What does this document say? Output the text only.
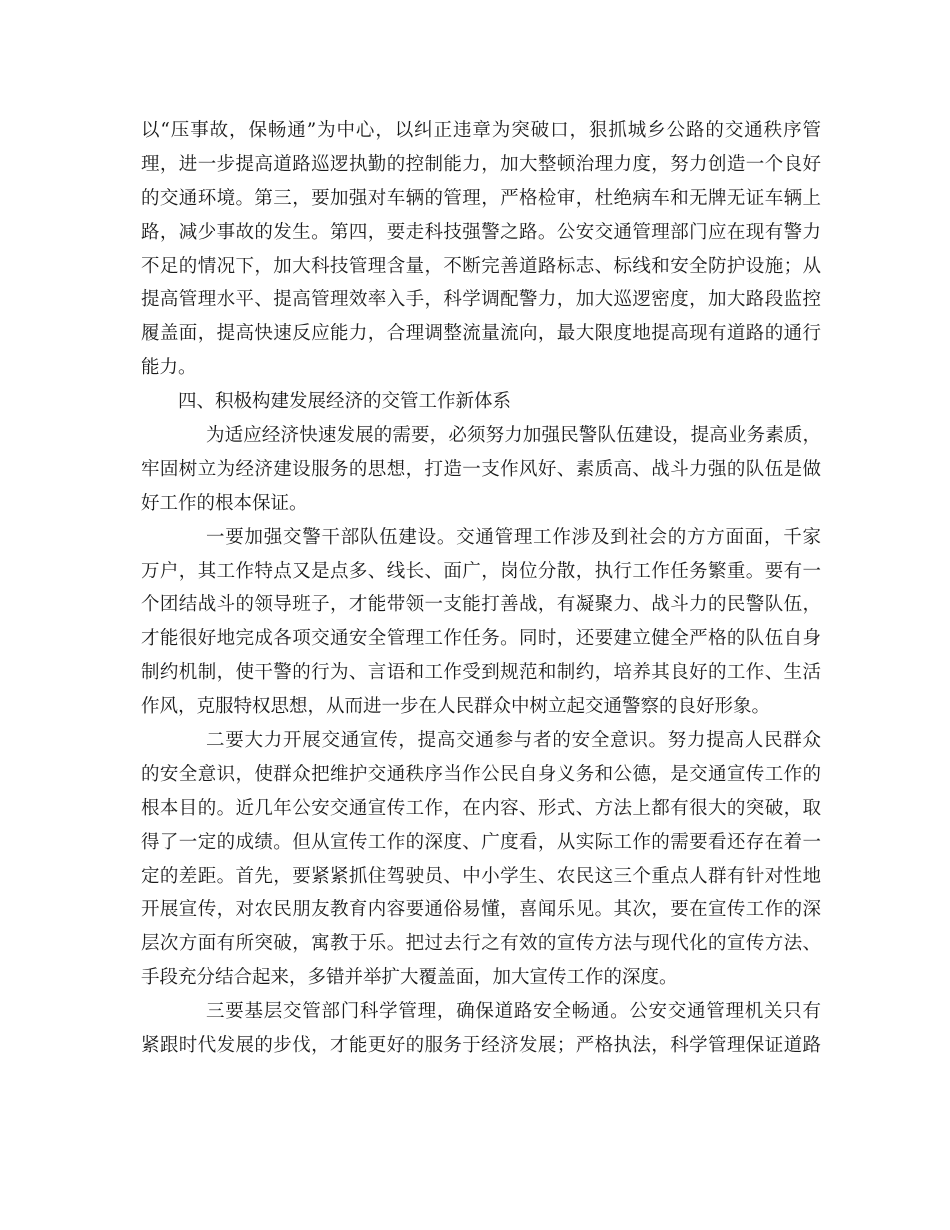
以“压事故，保畅通”为中心，以纠正违章为突破口，狠抓城乡公路的交通秩序管
理，进一步提高道路巡逻执勤的控制能力，加大整顿治理力度，努力创造一个良好
的交通环境。第三，要加强对车辆的管理，严格检审，杜绝病车和无牌无证车辆上
路，减少事故的发生。第四，要走科技强警之路。公安交通管理部门应在现有警力
不足的情况下，加大科技管理含量，不断完善道路标志、标线和安全防护设施；从
提高管理水平、提高管理效率入手，科学调配警力，加大巡逻密度，加大路段监控
履盖面，提高快速反应能力，合理调整流量流向，最大限度地提高现有道路的通行
能力。
四、积极构建发展经济的交管工作新体系
为适应经济快速发展的需要，必须努力加强民警队伍建设，提高业务素质，
牢固树立为经济建设服务的思想，打造一支作风好、素质高、战斗力强的队伍是做
好工作的根本保证。
一要加强交警干部队伍建设。交通管理工作涉及到社会的方方面面，千家
万户，其工作特点又是点多、线长、面广，岗位分散，执行工作任务繁重。要有一
个团结战斗的领导班子，才能带领一支能打善战，有凝聚力、战斗力的民警队伍，
才能很好地完成各项交通安全管理工作任务。同时，还要建立健全严格的队伍自身
制约机制，使干警的行为、言语和工作受到规范和制约，培养其良好的工作、生活
作风，克服特权思想，从而进一步在人民群众中树立起交通警察的良好形象。
二要大力开展交通宣传，提高交通参与者的安全意识。努力提高人民群众
的安全意识，使群众把维护交通秩序当作公民自身义务和公德，是交通宣传工作的
根本目的。近几年公安交通宣传工作，在内容、形式、方法上都有很大的突破，取
得了一定的成绩。但从宣传工作的深度、广度看，从实际工作的需要看还存在着一
定的差距。首先，要紧紧抓住驾驶员、中小学生、农民这三个重点人群有针对性地
开展宣传，对农民朋友教育内容要通俗易懂，喜闻乐见。其次，要在宣传工作的深
层次方面有所突破，寓教于乐。把过去行之有效的宣传方法与现代化的宣传方法、
手段充分结合起来，多错并举扩大覆盖面，加大宣传工作的深度。
三要基层交管部门科学管理，确保道路安全畅通。公安交通管理机关只有
紧跟时代发展的步伐，才能更好的服务于经济发展；严格执法，科学管理保证道路
